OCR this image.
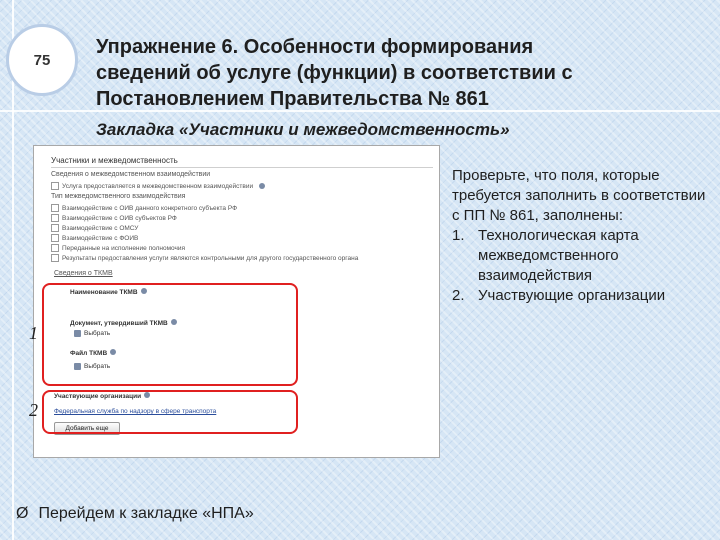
75
Упражнение 6. Особенности формирования
сведений об услуге (функции) в соответствии с
Постановлением Правительства № 861
Закладка «Участники и межведомственность»
Участники и межведомственность
Сведения о межведомственном взаимодействии
Услуга предоставляется в межведомственном взаимодействии
Тип межведомственного взаимодействия
Взаимодействие с ОИВ данного конкретного субъекта РФ
Взаимодействие с ОИВ субъектов РФ
Взаимодействие с ОМСУ
Взаимодействие с ФОИВ
Переданные на исполнение полномочия
Результаты предоставления услуги являются контрольными для другого государственного органа
Сведения о ТКМВ
Наименование ТКМВ
Документ, утвердивший ТКМВ
Выбрать
Файл ТКМВ
Выбрать
Участвующие организации
Федеральная служба по надзору в сфере транспорта
Добавить еще
1
2
Проверьте, что поля, которые требуется заполнить в соответствии с ПП № 861, заполнены:
1. Технологическая карта межведомственного взаимодействия
2. Участвующие организации
Ø Перейдем к закладке «НПА»
